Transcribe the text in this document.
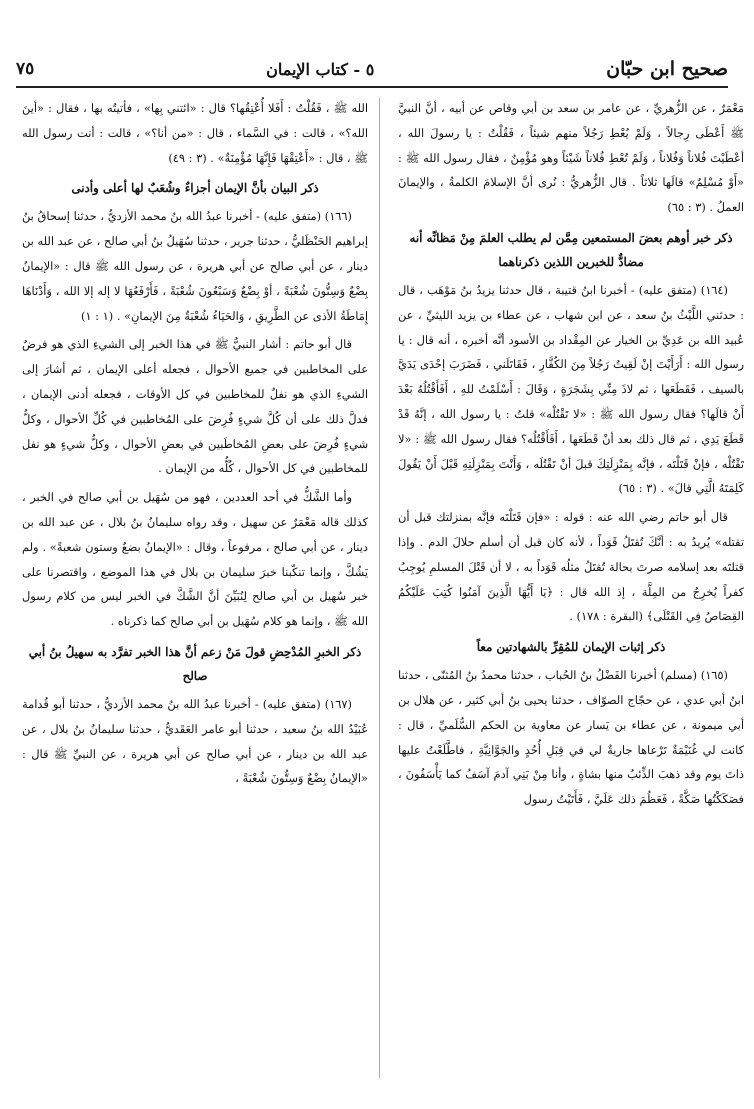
صحيح ابن حبّان
٥ - كتاب الإيمان
٧٥

مَعْمَرٌ ، عن الزُّهريِّ ، عن عامر بن سعد بن أبي وقاص عن أبيه ، أنَّ النبيَّ ﷺ أَعْطَى رِجالاً ، وَلَمْ يُعْطِ رَجُلاً منهم شيئاً ، فَقُلْتُ : يا رسولَ الله ، أعْطَيْتَ فُلاناً وَفُلاناً ، وَلَمْ تُعْطِ فُلاناً شَيْئاً وهو مُؤْمِنٌ ، فقال رسول الله ﷺ : «أَوْ مُسْلِمٌ» قالَها ثلاثاً . قال الزُّهريُّ : نُرى أنَّ الإسلامَ الكلمةُ ، والإيمانَ العملُ . (٣ : ٦٥)

ذكر خبر أوهم بعضَ المستمعين مِمَّن لم يطلب العلمَ مِنْ مَظانِّه أنه مضادٌّ للخبرين اللذين ذكرناهما

(١٦٤) (متفق عليه) - أخبرنا ابنُ قتيبة ، قال حدثنا يزيدُ بنُ مَوْهَب ، قال : حدثني اللَّيْثُ بنُ سعد ، عن ابن شهاب ، عن عطاء بن يزيد الليثيِّ ، عن عُبيد الله بن عَدِيِّ بن الخيار عن المِقْداد بن الأسود أنَّه أخبره ، أنه قال : يا رسول الله : أَرَأَيْتَ إنْ لَقِيتُ رَجُلاً مِنَ الكُفَّارِ ، فَقَاتَلَني ، فَضَرَبَ إحْدَى يَدَيَّ بالسيف ، فَقَطَعَها ، ثم لاذَ مِنِّي بِشَجَرَةٍ ، وَقَالَ : أَسْلَمْتُ للهِ ، أَفَأَقْتُلُهُ بَعْدَ أَنْ قالَها؟ فقال رسول الله ﷺ : «لا تَقْتُلْه» قلتُ : يا رسول الله ، إنَّهُ قَدْ قَطَعَ يَدِي ، ثم قال ذلك بعد أنْ قَطَعَها ، أَفَأَقْتُلُه؟ فقال رسول الله ﷺ : «لا تَقْتُلْه ، فإنْ قَتَلْتَه ، فإنَّه بِمَنْزِلَتِكَ قبلَ أنْ تَقْتُلَه ، وَأَنْتَ بِمَنْزِلَتِهِ قَبْلَ أَنْ يَقُولَ كَلِمَتَهُ الَّتِي قالَ» . (٣ : ٦٥)

قال أبو حاتم رضي الله عنه : قوله : «فإن قَتَلْتَه فإنَّه بمنزلتك قبل أن تقتله» يُريدُ به : أنَّكَ تُقتَلُ قَوَداً ، لأنه كان قبل أن أسلم حلالَ الدم . وإذا قتلتَه بعد إسلامه صرتَ بحالة تُقتَلُ مثلُه قَوَداً به ، لا أن قَتْلَ المسلمِ يُوجِبُ كفراً يُخرِجُ من المِلَّة ، إذ الله قال : ﴿يَا أَيُّهَا الَّذِينَ آمَنُوا كُتِبَ عَلَيْكُمُ القِصَاصُ فِي القَتْلَى﴾ (البقرة : ١٧٨) .

ذكر إثبات الإيمان للمُقِرِّ بالشهادتين معاً

(١٦٥) (مسلم) أخبرنا الفَضْلُ بنُ الحُباب ، حدثنا محمدُ بنُ المُثنّى ، حدثنا ابنُ أبي عدي ، عن حجّاج الصوّاف ، حدثنا يحيى بنُ أبي كثير ، عن هلال بن أبي ميمونة ، عن عطاء بن يَسار عن معاوية بن الحكم السُّلَميِّ ، قال : كانت لي غُنَيْمَةٌ تَرْعاها جاريةٌ لي في قِبَلِ أُحُدٍ والجَوَّانِيَّةِ ، فاطَّلَعْتُ عليها ذاتَ يوم وقد ذهبَ الذِّئبُ منها بشاةٍ ، وأنا مِنْ بَنِي آدمَ آسَفُ كما يَأْسَفُونَ ، فصَكَكْتُها صَكَّةً ، فَعَظُمَ ذلك عَلَيَّ ، فَأَتَيْتُ رسول

الله ﷺ ، فَقُلْتُ : أَفَلا أُعْتِقُها؟ قال : «ائتني بِها» ، فأتيتُه بها ، فقال : «أينَ الله؟» ، قالت : في السَّماء ، قال : «من أنا؟» ، قالت : أنت رسول الله ﷺ ، قال : «أَعْتِقْهَا فَإِنَّهَا مُؤْمِنَةٌ» . (٣ : ٤٩)

ذكر البيان بأنَّ الإيمان أجزاءٌ وشُعَبٌ لها أعلى وأدنى

(١٦٦) (متفق عليه) - أخبرنا عبدُ الله بنُ محمد الأزديُّ ، حدثنا إسحاقُ بنُ إبراهيم الحَنْظَليُّ ، حدثنا جرير ، حدثنا سُهَيلُ بنُ أبي صالح ، عن عبد الله بن دينار ، عن أبي صالح عن أبي هريرة ، عن رسول الله ﷺ قال : «الإيمانُ بِضْعٌ وَسِتُّونَ شُعْبَةً ، أوْ بِضْعٌ وَسَبْعُونَ شُعْبَةً ، فَأَرْفَعُهَا لا إله إلا الله ، وَأَدْنَاهَا إِمَاطَةُ الأذى عن الطَّرِيقِ ، وَالحَيَاءُ شُعْبَةٌ مِنَ الإيمانِ» . (١ : ١)

قال أبو حاتم : أشار النبيُّ ﷺ في هذا الخبر إلى الشيءِ الذي هو فرضٌ على المخاطبين في جميع الأحوال ، فجعله أعلى الإيمان ، ثم أشارَ إلى الشيءِ الذي هو نفلٌ للمخاطبين في كل الأوقات ، فجعله أدنى الإيمان ، فدلَّ ذلك على أن كُلَّ شيءٍ فُرِضَ على المُخاطبين في كُلِّ الأحوال ، وكلُّ شيءٍ فُرِضَ على بعضِ المُخاطَبين في بعضِ الأحوال ، وكلُّ شيءٍ هو نفل للمخاطبين في كل الأحوال ، كُلُّه من الإيمان .

وأما الشَّكُّ في أحد العددين ، فهو من سُهَيل بن أبي صالح في الخبر ، كذلك قاله مَعْمَرٌ عن سهيل ، وقد رواه سليمانُ بنُ بلال ، عن عبد الله بن دينار ، عن أبي صالح ، مرفوعاً ، وقال : «الإيمانُ بضعٌ وستون شعبةً» . ولم يَشُكَّ ، وإنما تنكّبنا خبرَ سليمان بن بلال في هذا الموضع ، واقتصرنا على خبر سُهيل بن أبي صالح لِنُبَيِّنَ أنَّ الشَّكَّ في الخبر ليس من كلام رسول الله ﷺ ، وإنما هو كلام سُهَيل بن أبي صالح كما ذكرناه .

ذكر الخبرِ المُدْحِضِ قولَ مَنْ زعم أنَّ هذا الخبر تفرَّد به سهيلُ بنُ أبي صالح

(١٦٧) (متفق عليه) - أخبرنا عبدُ الله بنُ محمد الأزديُّ ، حدثنا أبو قُدامة عُبَيْدُ الله بنُ سعيد ، حدثنا أبو عامر العَقَديُّ ، حدثنا سليمانُ بنُ بلال ، عن عبد الله بن دينار ، عن أبي صالح عن أبي هريرة ، عن النبيِّ ﷺ قال : «الإيمانُ بِضْعٌ وَسِتُّونَ شُعْبَةً ،
